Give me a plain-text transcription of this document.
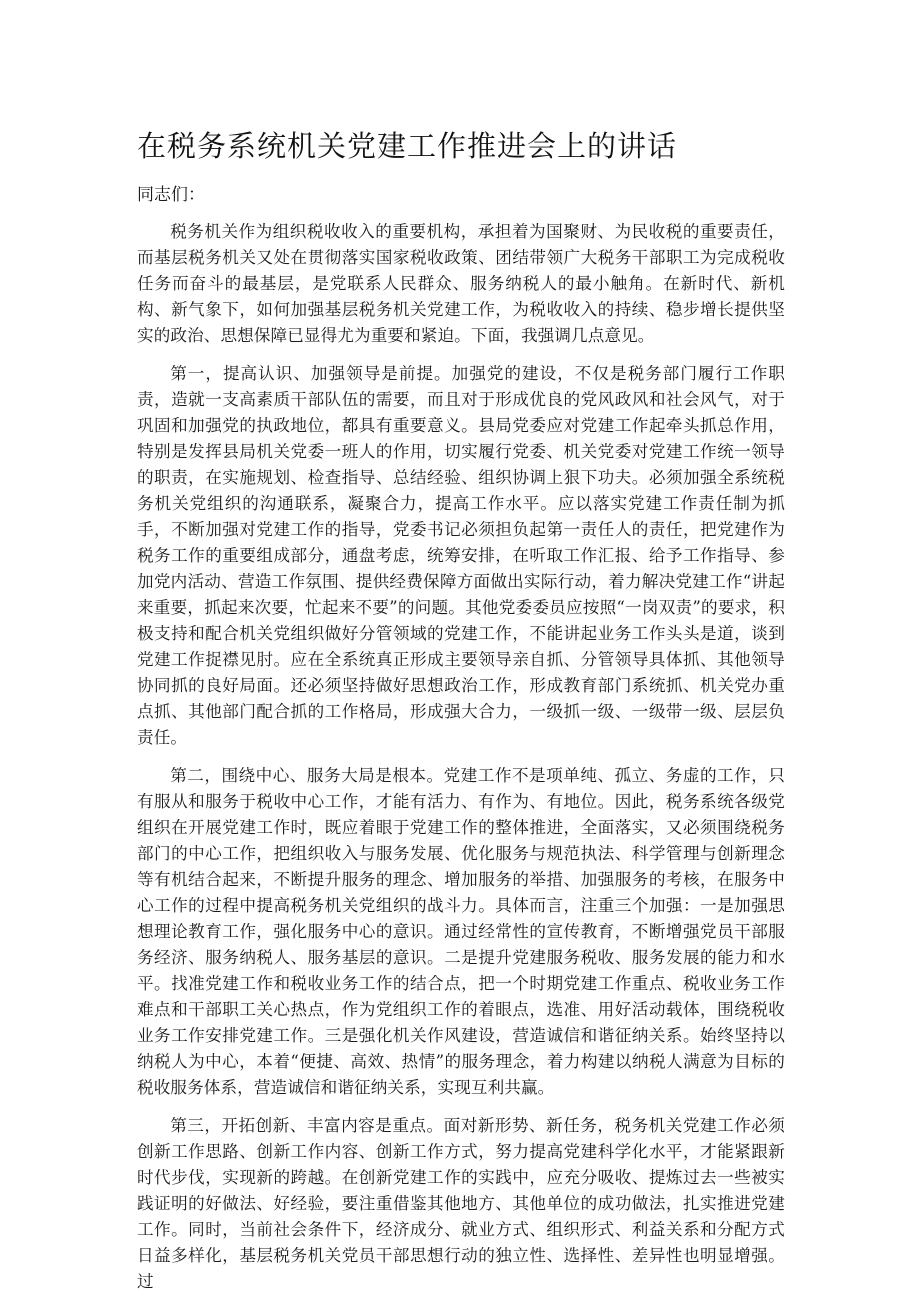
在税务系统机关党建工作推进会上的讲话

同志们：

税务机关作为组织税收收入的重要机构，承担着为国聚财、为民收税的重要责任，而基层税务机关又处在贯彻落实国家税收政策、团结带领广大税务干部职工为完成税收任务而奋斗的最基层，是党联系人民群众、服务纳税人的最小触角。在新时代、新机构、新气象下，如何加强基层税务机关党建工作，为税收收入的持续、稳步增长提供坚实的政治、思想保障已显得尤为重要和紧迫。下面，我强调几点意见。

第一，提高认识、加强领导是前提。加强党的建设，不仅是税务部门履行工作职责，造就一支高素质干部队伍的需要，而且对于形成优良的党风政风和社会风气，对于巩固和加强党的执政地位，都具有重要意义。县局党委应对党建工作起牵头抓总作用，特别是发挥县局机关党委一班人的作用，切实履行党委、机关党委对党建工作统一领导的职责，在实施规划、检查指导、总结经验、组织协调上狠下功夫。必须加强全系统税务机关党组织的沟通联系，凝聚合力，提高工作水平。应以落实党建工作责任制为抓手，不断加强对党建工作的指导，党委书记必须担负起第一责任人的责任，把党建作为税务工作的重要组成部分，通盘考虑，统筹安排，在听取工作汇报、给予工作指导、参加党内活动、营造工作氛围、提供经费保障方面做出实际行动，着力解决党建工作“讲起来重要，抓起来次要，忙起来不要”的问题。其他党委委员应按照“一岗双责”的要求，积极支持和配合机关党组织做好分管领域的党建工作，不能讲起业务工作头头是道，谈到党建工作捉襟见肘。应在全系统真正形成主要领导亲自抓、分管领导具体抓、其他领导协同抓的良好局面。还必须坚持做好思想政治工作，形成教育部门系统抓、机关党办重点抓、其他部门配合抓的工作格局，形成强大合力，一级抓一级、一级带一级、层层负责任。

第二，围绕中心、服务大局是根本。党建工作不是项单纯、孤立、务虚的工作，只有服从和服务于税收中心工作，才能有活力、有作为、有地位。因此，税务系统各级党组织在开展党建工作时，既应着眼于党建工作的整体推进，全面落实，又必须围绕税务部门的中心工作，把组织收入与服务发展、优化服务与规范执法、科学管理与创新理念等有机结合起来，不断提升服务的理念、增加服务的举措、加强服务的考核，在服务中心工作的过程中提高税务机关党组织的战斗力。具体而言，注重三个加强：一是加强思想理论教育工作，强化服务中心的意识。通过经常性的宣传教育，不断增强党员干部服务经济、服务纳税人、服务基层的意识。二是提升党建服务税收、服务发展的能力和水平。找准党建工作和税收业务工作的结合点，把一个时期党建工作重点、税收业务工作难点和干部职工关心热点，作为党组织工作的着眼点，选准、用好活动载体，围绕税收业务工作安排党建工作。三是强化机关作风建设，营造诚信和谐征纳关系。始终坚持以纳税人为中心，本着“便捷、高效、热情”的服务理念，着力构建以纳税人满意为目标的税收服务体系，营造诚信和谐征纳关系，实现互利共赢。

第三，开拓创新、丰富内容是重点。面对新形势、新任务，税务机关党建工作必须创新工作思路、创新工作内容、创新工作方式，努力提高党建科学化水平，才能紧跟新时代步伐，实现新的跨越。在创新党建工作的实践中，应充分吸收、提炼过去一些被实践证明的好做法、好经验，要注重借鉴其他地方、其他单位的成功做法，扎实推进党建工作。同时，当前社会条件下，经济成分、就业方式、组织形式、利益关系和分配方式日益多样化，基层税务机关党员干部思想行动的独立性、选择性、差异性也明显增强。过
